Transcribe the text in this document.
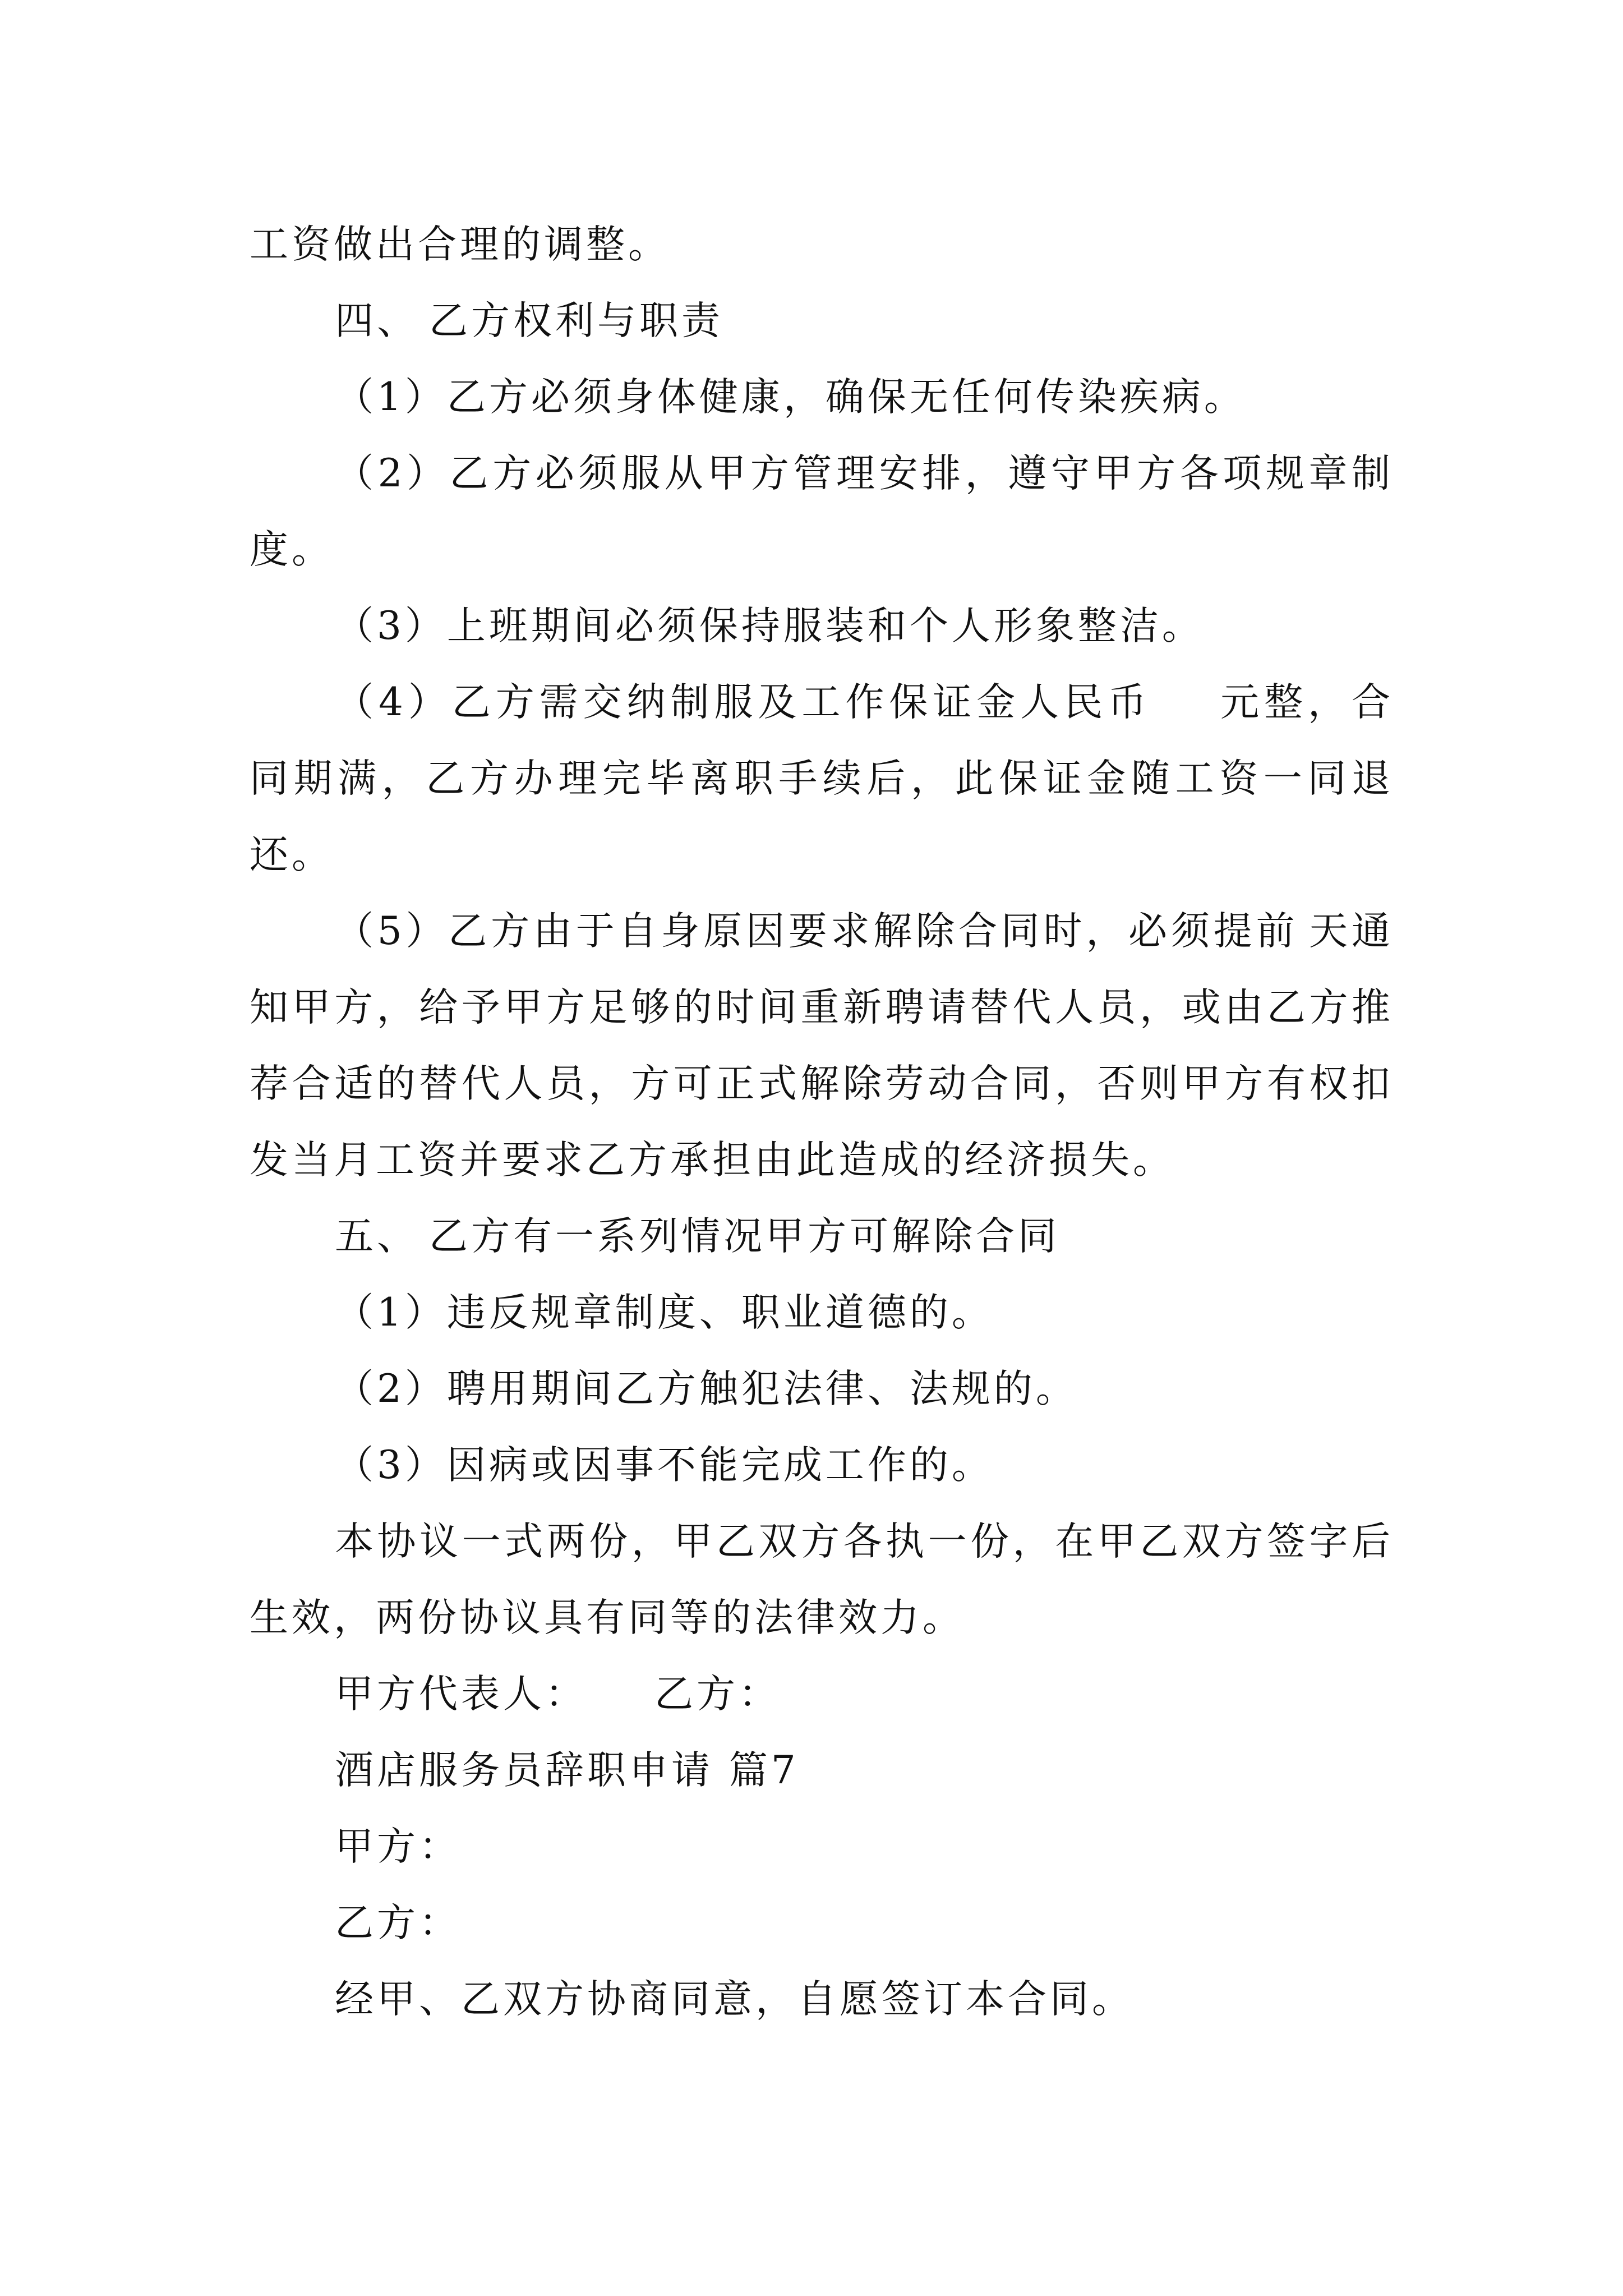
工资做出合理的调整。

四、 乙方权利与职责

（1）乙方必须身体健康，确保无任何传染疾病。

（2）乙方必须服从甲方管理安排，遵守甲方各项规章制度。

（3）上班期间必须保持服装和个人形象整洁。

（4）乙方需交纳制服及工作保证金人民币 元整，合同期满，乙方办理完毕离职手续后，此保证金随工资一同退还。

（5）乙方由于自身原因要求解除合同时，必须提前 天通知甲方，给予甲方足够的时间重新聘请替代人员，或由乙方推荐合适的替代人员，方可正式解除劳动合同，否则甲方有权扣发当月工资并要求乙方承担由此造成的经济损失。

五、 乙方有一系列情况甲方可解除合同

（1）违反规章制度、职业道德的。

（2）聘用期间乙方触犯法律、法规的。

（3）因病或因事不能完成工作的。

本协议一式两份，甲乙双方各执一份，在甲乙双方签字后生效，两份协议具有同等的法律效力。

甲方代表人： 乙方：

酒店服务员辞职申请 篇7

甲方：

乙方：

经甲、乙双方协商同意，自愿签订本合同。
